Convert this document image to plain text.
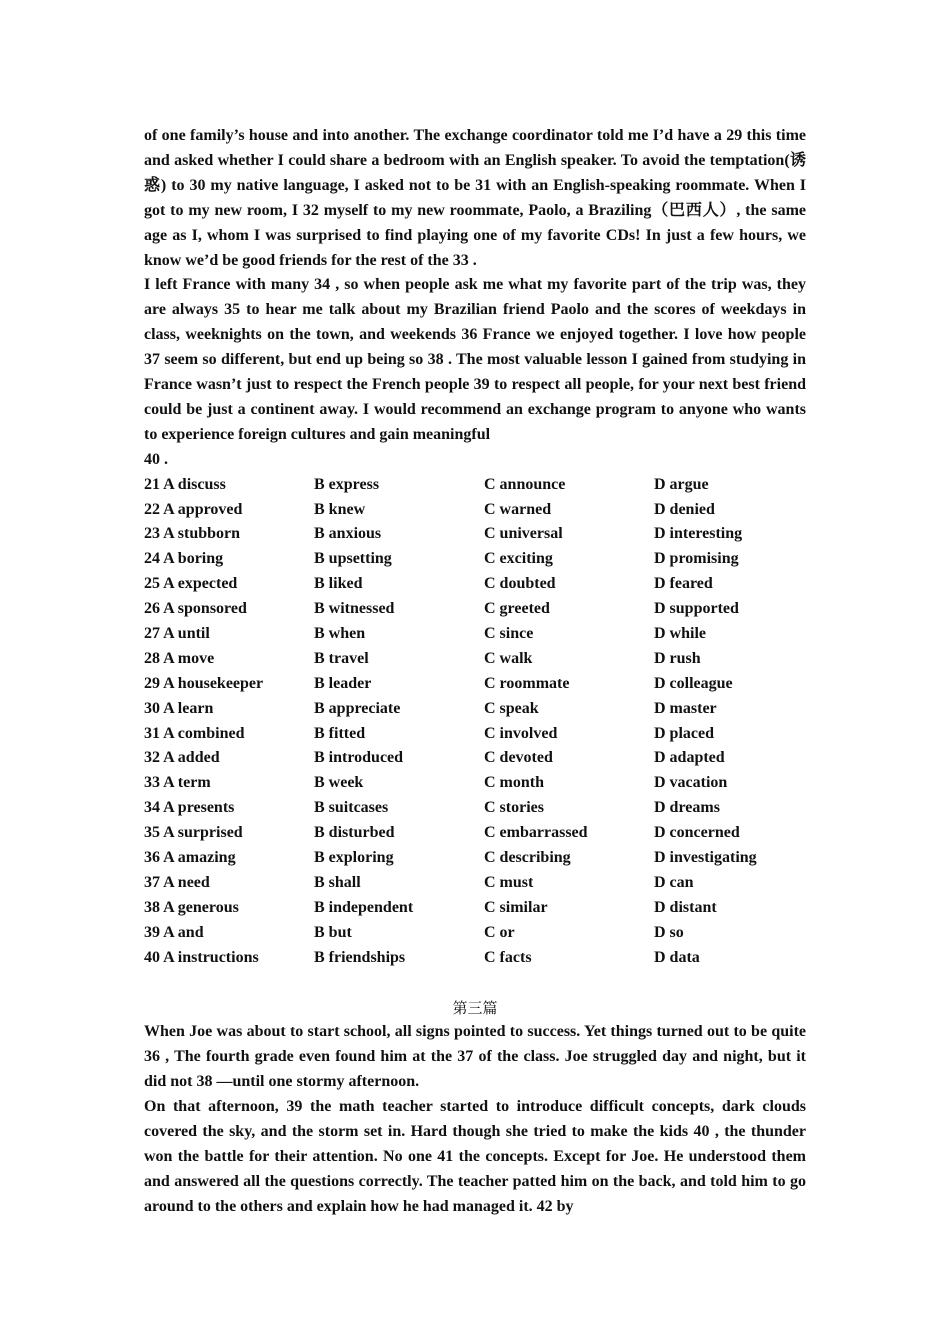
of one family’s house and into another. The exchange coordinator told me I’d have a 29 this time and asked whether I could share a bedroom with an English speaker. To avoid the temptation(诱惑) to 30 my native language, I asked not to be 31 with an English-speaking roommate. When I got to my new room, I 32 myself to my new roommate, Paolo, a Braziling（巴西人）, the same age as I, whom I was surprised to find playing one of my favorite CDs! In just a few hours, we know we’d be good friends for the rest of the 33 .

I left France with many 34 , so when people ask me what my favorite part of the trip was, they are always 35 to hear me talk about my Brazilian friend Paolo and the scores of weekdays in class, weeknights on the town, and weekends 36 France we enjoyed together. I love how people 37 seem so different, but end up being so 38 . The most valuable lesson I gained from studying in France wasn’t just to respect the French people 39 to respect all people, for your next best friend could be just a continent away. I would recommend an exchange program to anyone who wants to experience foreign cultures and gain meaningful

40 .

21 A discuss	B express	C announce	D argue
22 A approved	B knew	C warned	D denied
23 A stubborn	B anxious	C universal	D interesting
24 A boring	B upsetting	C exciting	D promising
25 A expected	B liked	C doubted	D feared
26 A sponsored	B witnessed	C greeted	D supported
27 A until	B when	C since	D while
28 A move	B travel	C walk	D rush
29 A housekeeper	B leader	C roommate	D colleague
30 A learn	B appreciate	C speak	D master
31 A combined	B fitted	C involved	D placed
32 A added	B introduced	C devoted	D adapted
33 A term	B week	C month	D vacation
34 A presents	B suitcases	C stories	D dreams
35 A surprised	B disturbed	C embarrassed	D concerned
36 A amazing	B exploring	C describing	D investigating
37 A need	B shall	C must	D can
38 A generous	B independent	C similar	D distant
39 A and	B but	C or	D so
40 A instructions	B friendships	C facts	D data
第三篇

When Joe was about to start school, all signs pointed to success. Yet things turned out to be quite 36 , The fourth grade even found him at the 37 of the class. Joe struggled day and night, but it did not 38 —until one stormy afternoon.

On that afternoon, 39 the math teacher started to introduce difficult concepts, dark clouds covered the sky, and the storm set in. Hard though she tried to make the kids 40 , the thunder won the battle for their attention. No one 41 the concepts. Except for Joe. He understood them and answered all the questions correctly. The teacher patted him on the back, and told him to go around to the others and explain how he had managed it. 42 by
